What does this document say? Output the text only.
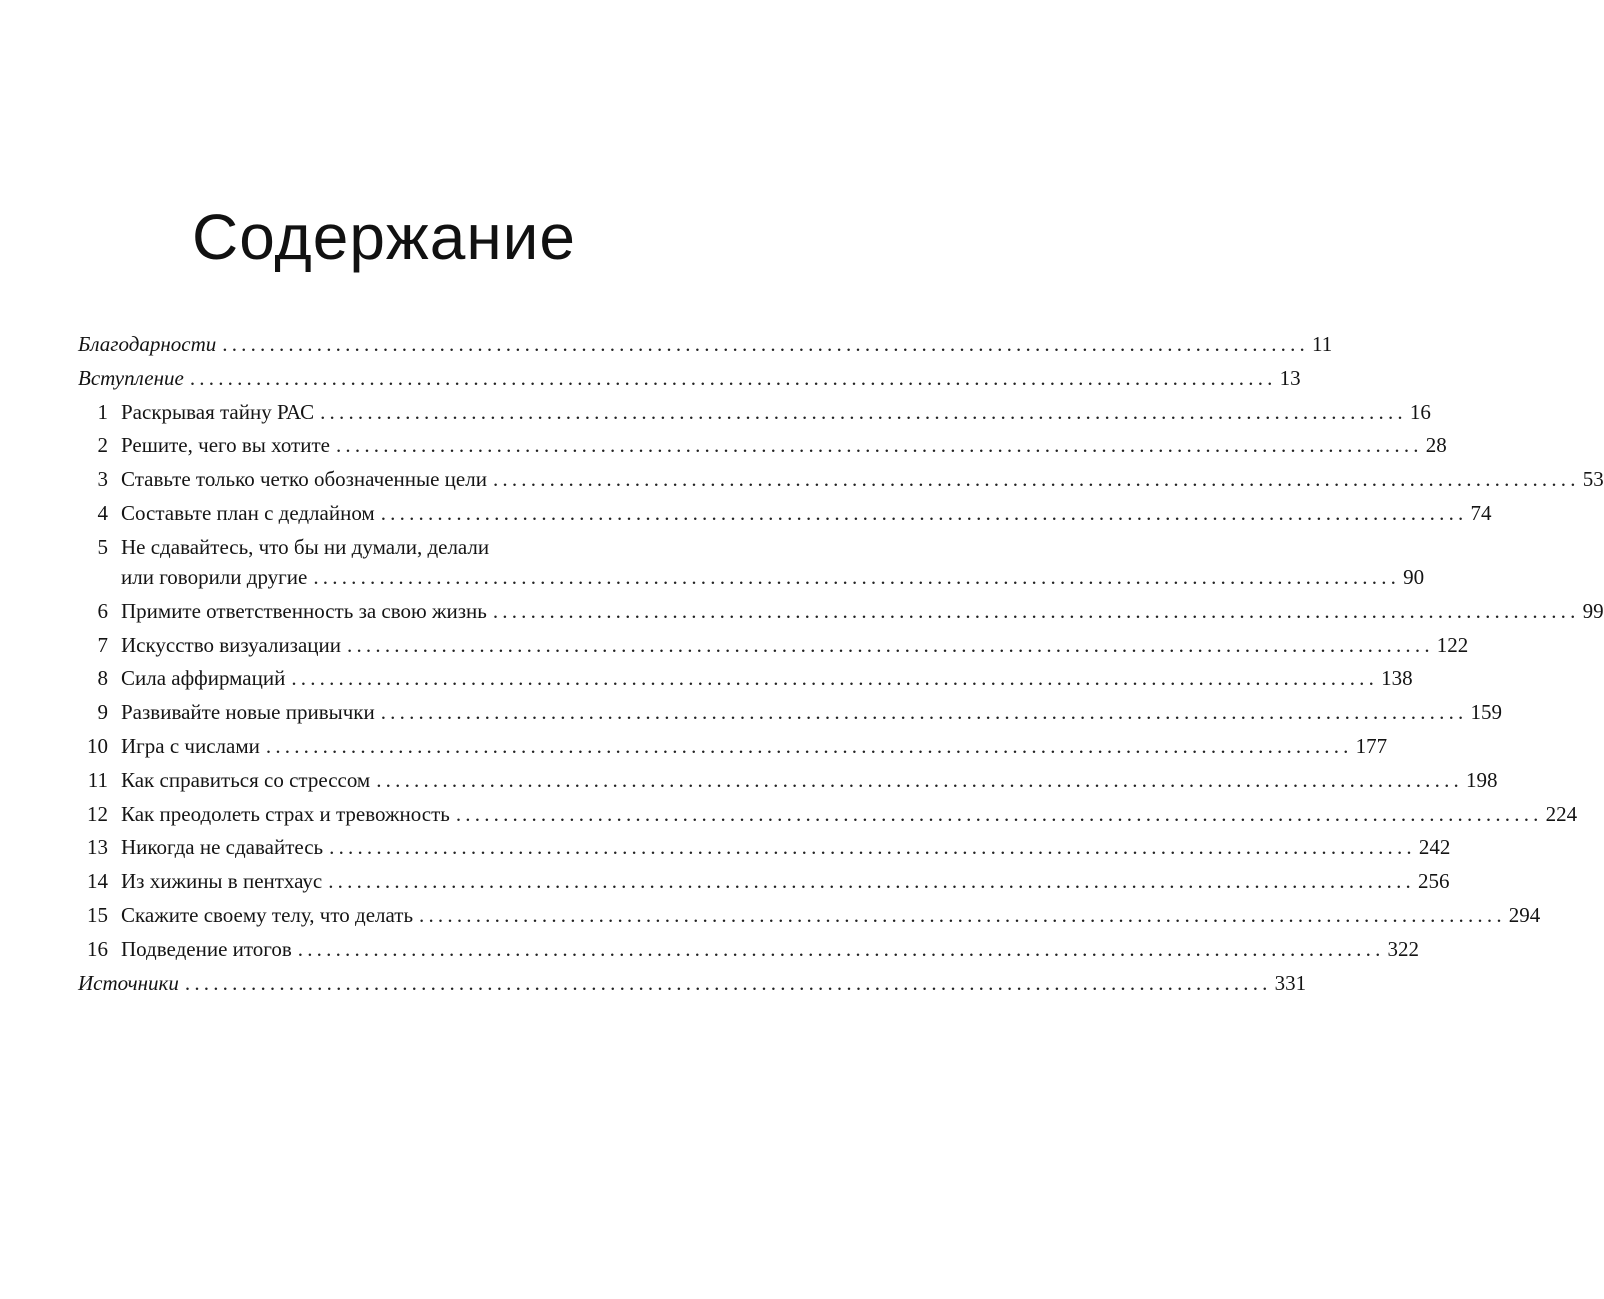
Содержание
Благодарности ................................................................................................................... 11
Вступление ................................................................................................................... 13
1 Раскрывая тайну РАС ................................................................................................................... 16
2 Решите, чего вы хотите ................................................................................................................... 28
3 Ставьте только четко обозначенные цели ................................................................................................................... 53
4 Составьте план с дедлайном ................................................................................................................... 74
5 Не сдавайтесь, что бы ни думали, делали
или говорили другие ................................................................................................................... 90
6 Примите ответственность за свою жизнь ................................................................................................................... 99
7 Искусство визуализации ................................................................................................................... 122
8 Сила аффирмаций ................................................................................................................... 138
9 Развивайте новые привычки ................................................................................................................... 159
10 Игра с числами ................................................................................................................... 177
11 Как справиться со стрессом ................................................................................................................... 198
12 Как преодолеть страх и тревожность ................................................................................................................... 224
13 Никогда не сдавайтесь ................................................................................................................... 242
14 Из хижины в пентхаус ................................................................................................................... 256
15 Скажите своему телу, что делать ................................................................................................................... 294
16 Подведение итогов ................................................................................................................... 322
Источники ................................................................................................................... 331
